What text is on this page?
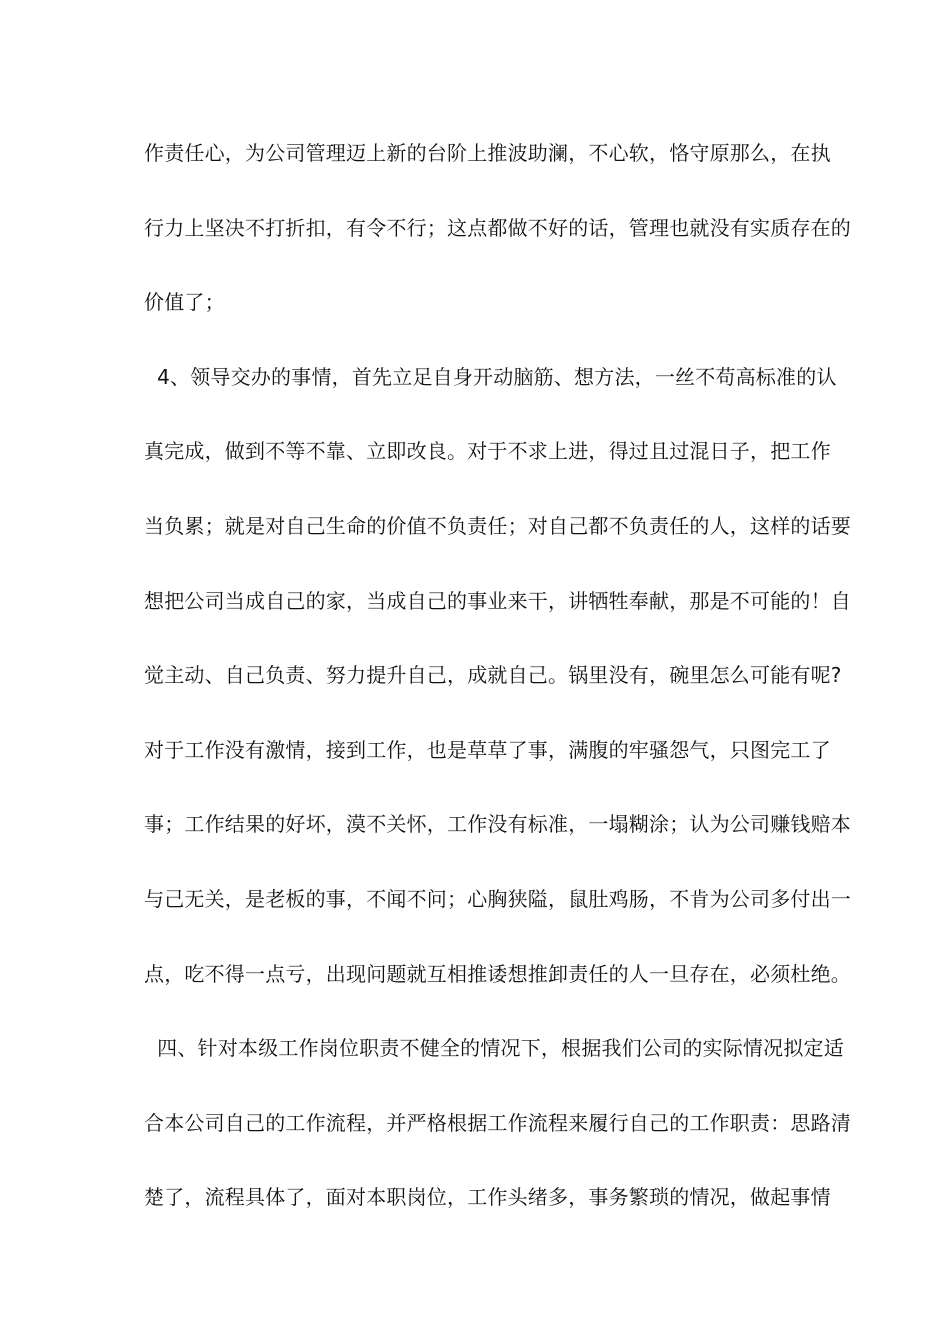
作责任心，为公司管理迈上新的台阶上推波助澜，不心软，恪守原那么，在执
行力上坚决不打折扣，有令不行；这点都做不好的话，管理也就没有实质存在的
价值了；
4、领导交办的事情，首先立足自身开动脑筋、想方法，一丝不苟高标准的认
真完成，做到不等不靠、立即改良。对于不求上进，得过且过混日子，把工作
当负累；就是对自己生命的价值不负责任；对自己都不负责任的人，这样的话要
想把公司当成自己的家，当成自己的事业来干，讲牺牲奉献，那是不可能的！自
觉主动、自己负责、努力提升自己，成就自己。锅里没有，碗里怎么可能有呢?
对于工作没有激情，接到工作，也是草草了事，满腹的牢骚怨气，只图完工了
事；工作结果的好坏，漠不关怀，工作没有标准，一塌糊涂；认为公司赚钱赔本
与己无关，是老板的事，不闻不问；心胸狭隘，鼠肚鸡肠，不肯为公司多付出一
点，吃不得一点亏，出现问题就互相推诿想推卸责任的人一旦存在，必须杜绝。
四、针对本级工作岗位职责不健全的情况下，根据我们公司的实际情况拟定适
合本公司自己的工作流程，并严格根据工作流程来履行自己的工作职责：思路清
楚了，流程具体了，面对本职岗位，工作头绪多，事务繁琐的情况，做起事情
